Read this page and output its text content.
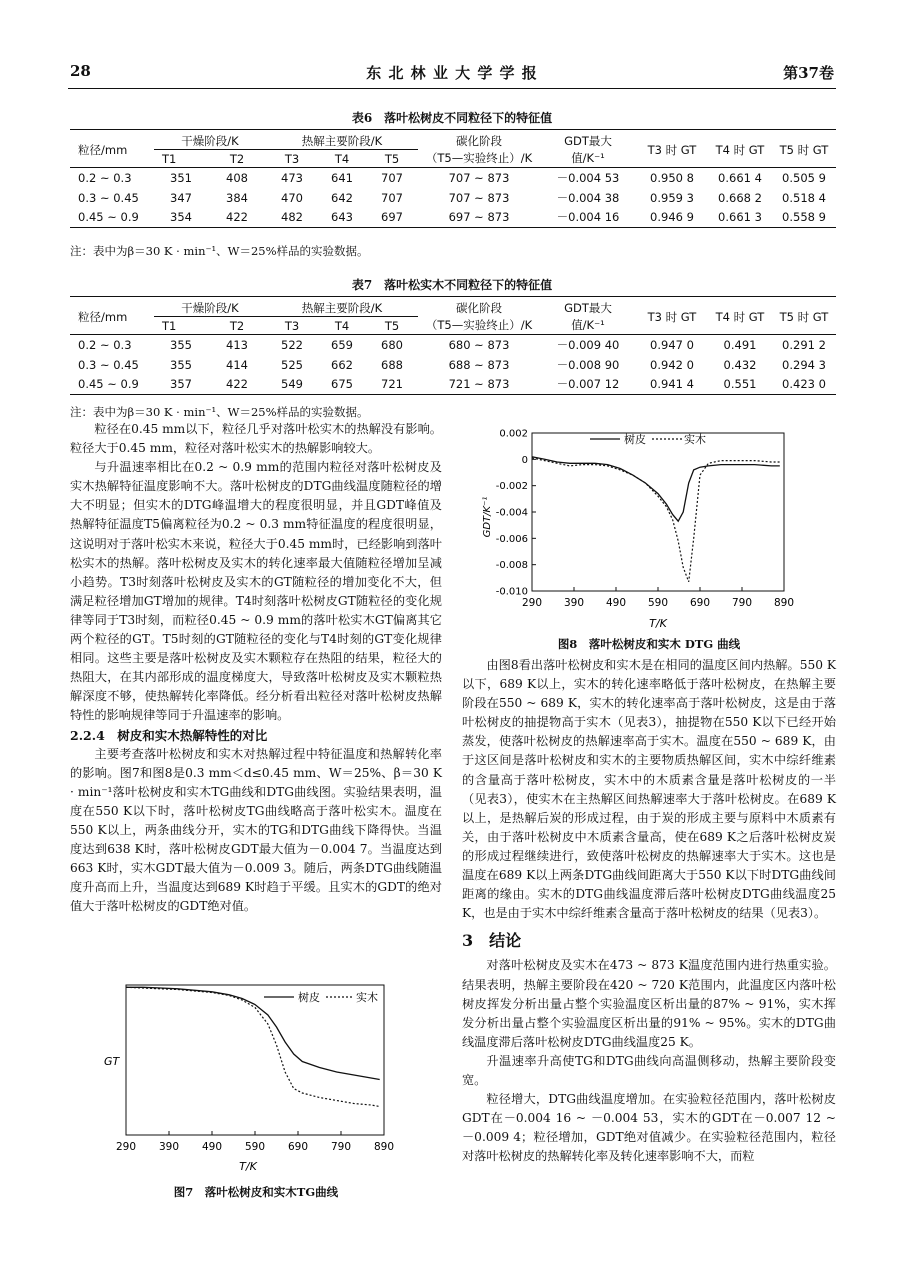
28	东 北 林 业 大 学 学 报	第37卷
表6　落叶松树皮不同粒径下的特征值
粒径/mm	干燥阶段/K		热解主要阶段/K			碳化阶段	GDT最大	T3 时 GT	T4 时 GT	T5 时 GT
	T1	T2	T3	T4	T5	（T5—实验终止）/K	值/K⁻¹			
0.2 ~ 0.3	351	408	473	641	707	707 ~ 873	－0.004 53	0.950 8	0.661 4	0.505 9
0.3 ~ 0.45	347	384	470	642	707	707 ~ 873	－0.004 38	0.959 3	0.668 2	0.518 4
0.45 ~ 0.9	354	422	482	643	697	697 ~ 873	－0.004 16	0.946 9	0.661 3	0.558 9
注：表中为β＝30 K · min⁻¹、W＝25%样品的实验数据。
表7　落叶松实木不同粒径下的特征值
粒径/mm	干燥阶段/K		热解主要阶段/K			碳化阶段	GDT最大	T3 时 GT	T4 时 GT	T5 时 GT
	T1	T2	T3	T4	T5	（T5—实验终止）/K	值/K⁻¹			
0.2 ~ 0.3	355	413	522	659	680	680 ~ 873	－0.009 40	0.947 0	0.491	0.291 2
0.3 ~ 0.45	355	414	525	662	688	688 ~ 873	－0.008 90	0.942 0	0.432	0.294 3
0.45 ~ 0.9	357	422	549	675	721	721 ~ 873	－0.007 12	0.941 4	0.551	0.423 0
注：表中为β＝30 K · min⁻¹、W＝25%样品的实验数据。

粒径在0.45 mm以下，粒径几乎对落叶松实木的热解没有影响。粒径大于0.45 mm，粒径对落叶松实木的热解影响较大。

与升温速率相比在0.2 ~ 0.9 mm的范围内粒径对落叶松树皮及实木热解特征温度影响不大。落叶松树皮的DTG曲线温度随粒径的增大不明显；但实木的DTG峰温增大的程度很明显，并且GDT峰值及热解特征温度T5偏离粒径为0.2 ~ 0.3 mm特征温度的程度很明显，这说明对于落叶松实木来说，粒径大于0.45 mm时，已经影响到落叶松实木的热解。落叶松树皮及实木的转化速率最大值随粒径增加呈减小趋势。T3时刻落叶松树皮及实木的GT随粒径的增加变化不大，但满足粒径增加GT增加的规律。T4时刻落叶松树皮GT随粒径的变化规律等同于T3时刻，而粒径0.45 ~ 0.9 mm的落叶松实木GT偏离其它两个粒径的GT。T5时刻的GT随粒径的变化与T4时刻的GT变化规律相同。这些主要是落叶松树皮及实木颗粒存在热阻的结果，粒径大的热阻大，在其内部形成的温度梯度大，导致落叶松树皮及实木颗粒热解深度不够，使热解转化率降低。经分析看出粒径对落叶松树皮热解特性的影响规律等同于升温速率的影响。

2.2.4　树皮和实木热解特性的对比

主要考查落叶松树皮和实木对热解过程中特征温度和热解转化率的影响。图7和图8是0.3 mm＜d≤0.45 mm、W＝25%、β＝30 K · min⁻¹落叶松树皮和实木TG曲线和DTG曲线图。实验结果表明，温度在550 K以下时，落叶松树皮TG曲线略高于落叶松实木。温度在550 K以上，两条曲线分开，实木的TG和DTG曲线下降得快。当温度达到638 K时，落叶松树皮GDT最大值为－0.004 7。当温度达到663 K时，实木GDT最大值为－0.009 3。随后，两条DTG曲线随温度升高而上升，当温度达到689 K时趋于平缓。且实木的GDT的绝对值大于落叶松树皮的GDT绝对值。

GT
290 390 490 590 690 790 890
T/K
树皮	实木
图7　落叶松树皮和实木TG曲线
0.002
0
-0.002
-0.004
-0.006
-0.008
-0.010
290 390 490 590 690 790 890
GDT/K⁻¹
T/K
树皮	实木
图8　落叶松树皮和实木 DTG 曲线

由图8看出落叶松树皮和实木是在相同的温度区间内热解。550 K以下，689 K以上，实木的转化速率略低于落叶松树皮，在热解主要阶段在550 ~ 689 K，实木的转化速率高于落叶松树皮，这是由于落叶松树皮的抽提物高于实木（见表3），抽提物在550 K以下已经开始蒸发，使落叶松树皮的热解速率高于实木。温度在550 ~ 689 K，由于这区间是落叶松树皮和实木的主要物质热解区间，实木中综纤维素的含量高于落叶松树皮，实木中的木质素含量是落叶松树皮的一半（见表3），使实木在主热解区间热解速率大于落叶松树皮。在689 K以上，是热解后炭的形成过程，由于炭的形成主要与原料中木质素有关，由于落叶松树皮中木质素含量高，使在689 K之后落叶松树皮炭的形成过程继续进行，致使落叶松树皮的热解速率大于实木。这也是温度在689 K以上两条DTG曲线间距离大于550 K以下时DTG曲线间距离的缘由。实木的DTG曲线温度滞后落叶松树皮DTG曲线温度25 K，也是由于实木中综纤维素含量高于落叶松树皮的结果（见表3）。

3　结论

对落叶松树皮及实木在473 ~ 873 K温度范围内进行热重实验。结果表明，热解主要阶段在420 ~ 720 K范围内，此温度区内落叶松树皮挥发分析出量占整个实验温度区析出量的87% ~ 91%，实木挥发分析出量占整个实验温度区析出量的91% ~ 95%。实木的DTG曲线温度滞后落叶松树皮DTG曲线温度25 K。

升温速率升高使TG和DTG曲线向高温侧移动，热解主要阶段变宽。

粒径增大，DTG曲线温度增加。在实验粒径范围内，落叶松树皮GDT在－0.004 16 ~ －0.004 53，实木的GDT在－0.007 12 ~ －0.009 4；粒径增加，GDT绝对值减少。在实验粒径范围内，粒径对落叶松树皮的热解转化率及转化速率影响不大，而粒
